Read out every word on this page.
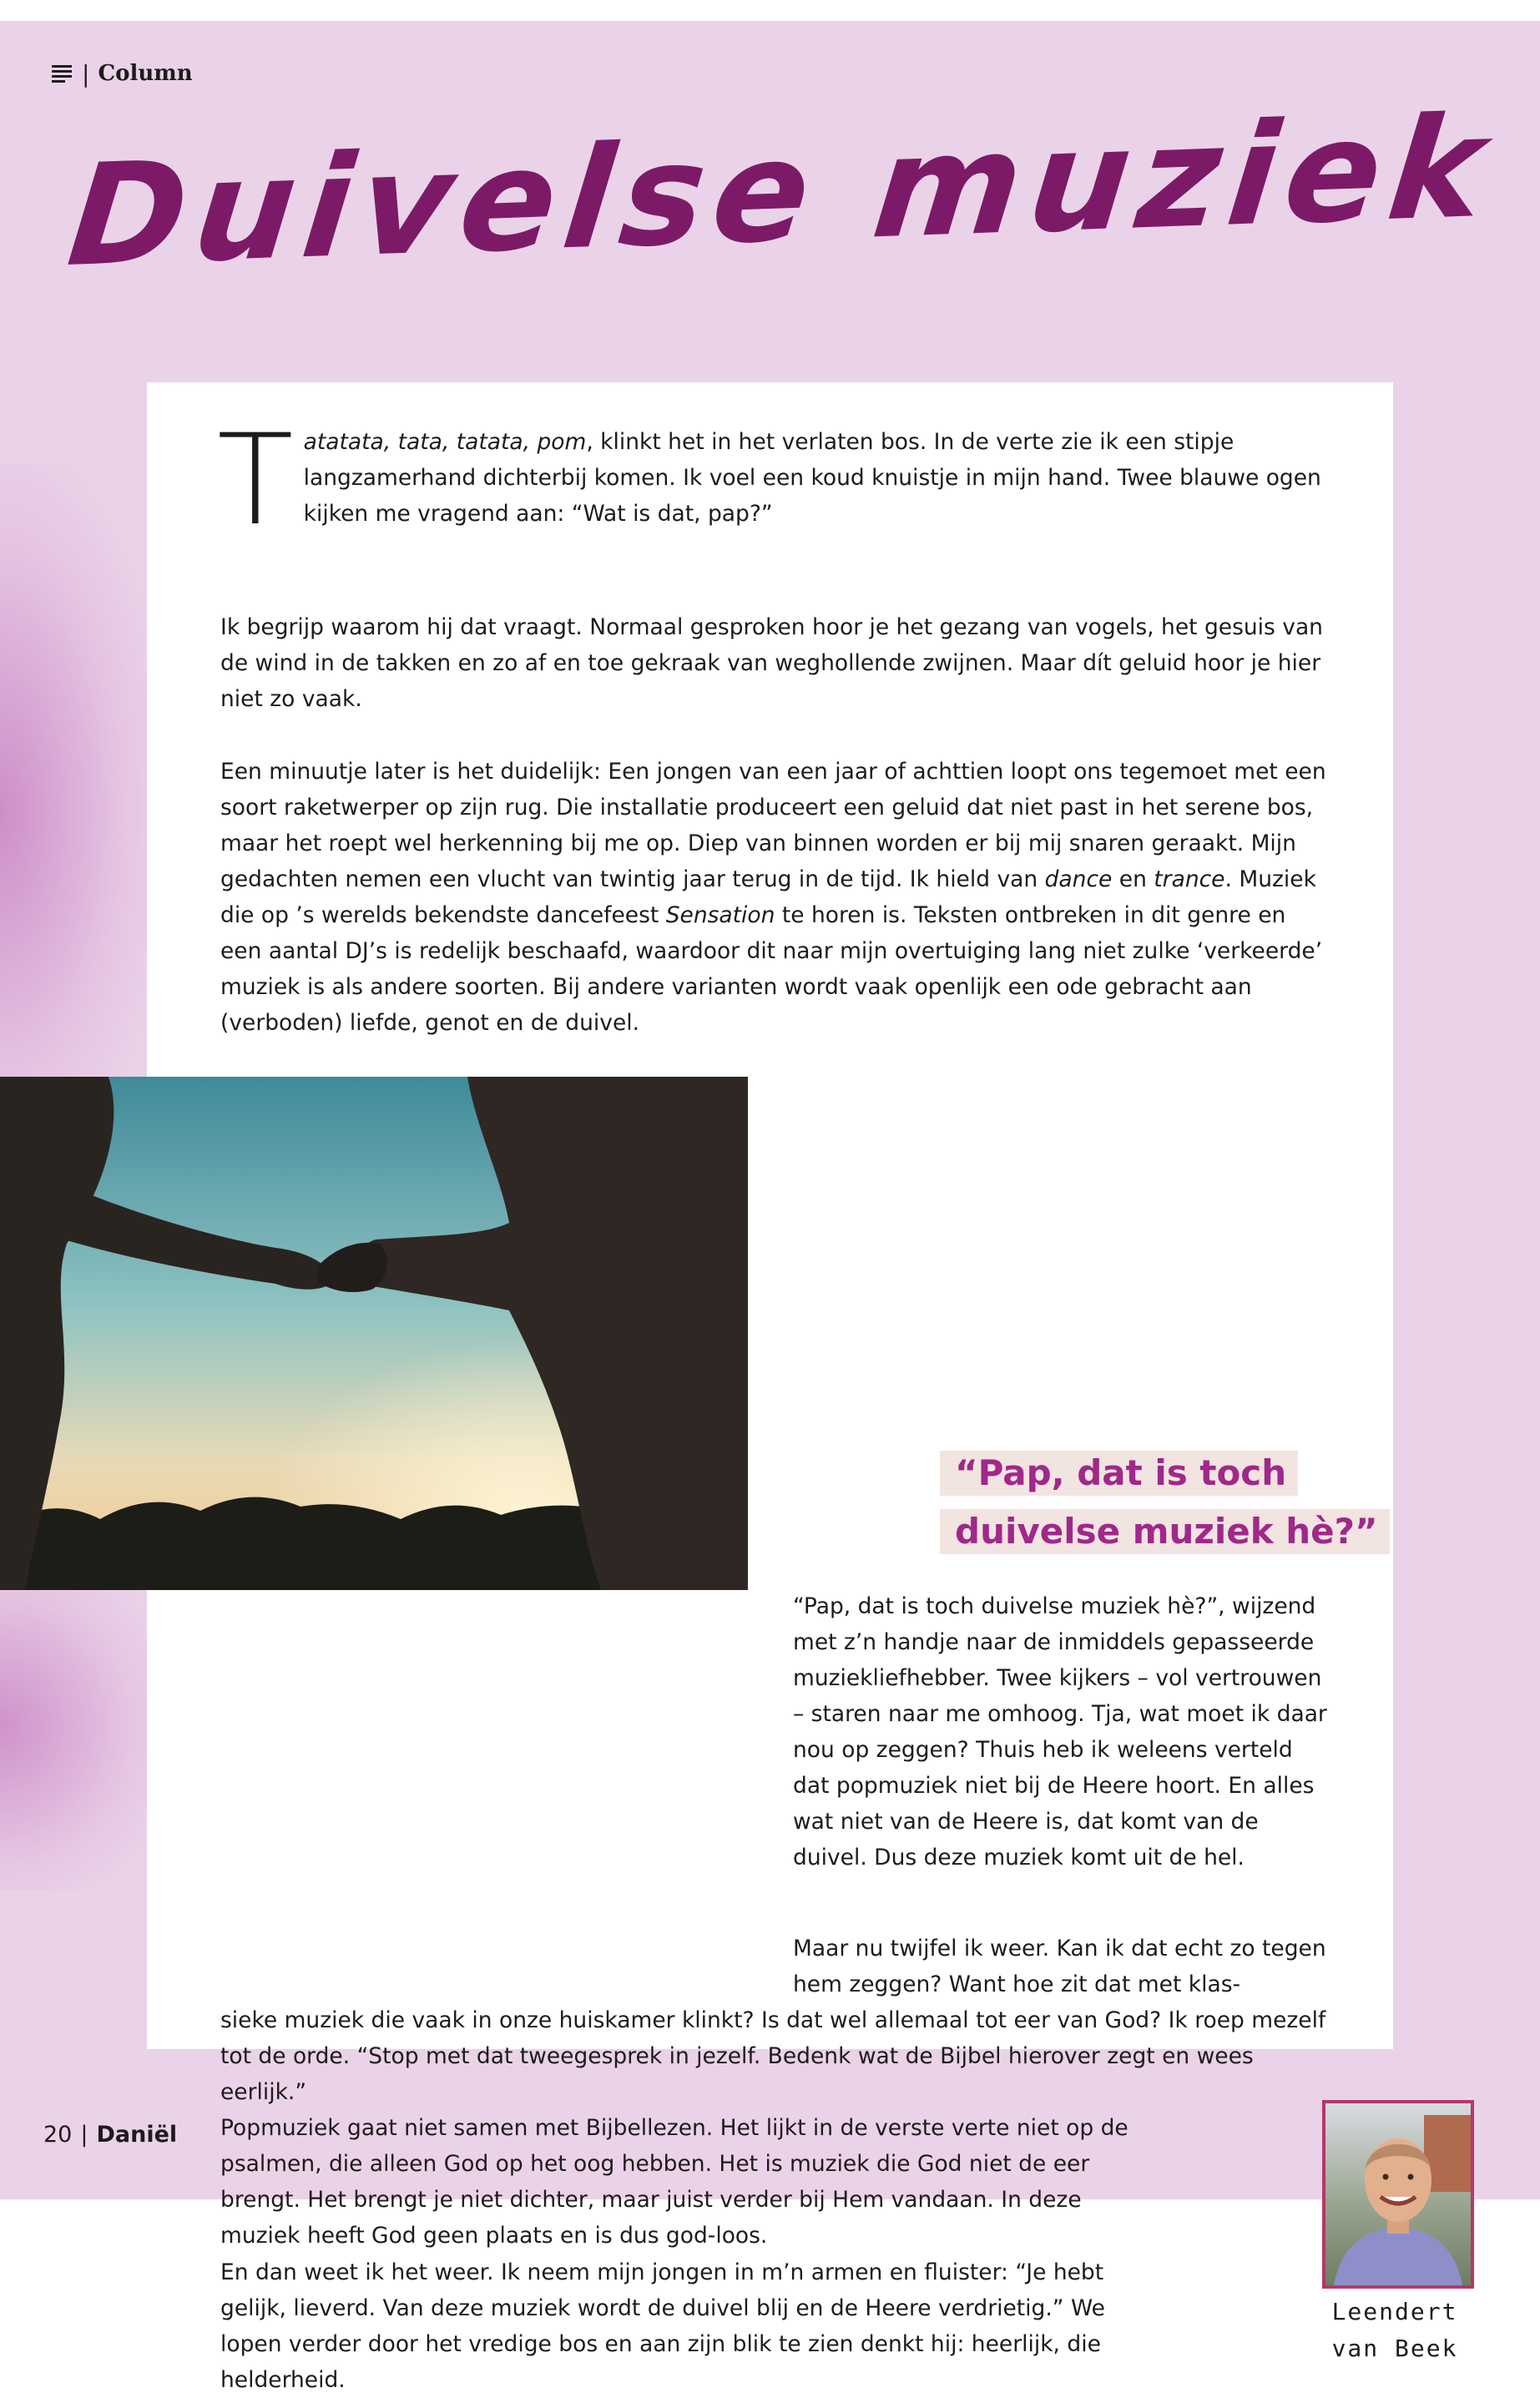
| Column
Duivelse muziek

Tatatata, tata, tatata, pom, klinkt het in het verlaten bos. In de verte zie ik een stipje langzamerhand dichterbij komen. Ik voel een koud knuistje in mijn hand. Twee blauwe ogen kijken me vragend aan: “Wat is dat, pap?”

Ik begrijp waarom hij dat vraagt. Normaal gesproken hoor je het gezang van vogels, het gesuis van de wind in de takken en zo af en toe gekraak van weghollende zwijnen. Maar dít geluid hoor je hier niet zo vaak.

Een minuutje later is het duidelijk: Een jongen van een jaar of achttien loopt ons tegemoet met een soort raketwerper op zijn rug. Die installatie produceert een geluid dat niet past in het serene bos, maar het roept wel herkenning bij me op. Diep van binnen worden er bij mij snaren geraakt. Mijn gedachten nemen een vlucht van twintig jaar terug in de tijd. Ik hield van dance en trance. Muziek die op ’s werelds bekendste dancefeest Sensation te horen is. Teksten ontbreken in dit genre en een aantal DJ’s is redelijk beschaafd, waardoor dit naar mijn overtuiging lang niet zulke ‘verkeerde’ muziek is als andere soorten. Bij andere varianten wordt vaak openlijk een ode gebracht aan (verboden) liefde, genot en de duivel.

“Pap, dat is toch
duivelse muziek hè?”

“Pap, dat is toch duivelse muziek hè?”, wijzend met z’n handje naar de inmiddels gepasseerde muziekliefhebber. Twee kijkers – vol vertrouwen – staren naar me omhoog. Tja, wat moet ik daar nou op zeggen? Thuis heb ik weleens verteld dat popmuziek niet bij de Heere hoort. En alles wat niet van de Heere is, dat komt van de duivel. Dus deze muziek komt uit de hel.

Maar nu twijfel ik weer. Kan ik dat echt zo tegen hem zeggen? Want hoe zit dat met klas-

sieke muziek die vaak in onze huiskamer klinkt? Is dat wel allemaal tot eer van God? Ik roep mezelf tot de orde. “Stop met dat tweegesprek in jezelf. Bedenk wat de Bijbel hierover zegt en wees eerlijk.”
Popmuziek gaat niet samen met Bijbellezen. Het lijkt in de verste verte niet op de psalmen, die alleen God op het oog hebben. Het is muziek die God niet de eer brengt. Het brengt je niet dichter, maar juist verder bij Hem vandaan. In deze muziek heeft God geen plaats en is dus god-loos.

En dan weet ik het weer. Ik neem mijn jongen in m’n armen en fluister: “Je hebt gelijk, lieverd. Van deze muziek wordt de duivel blij en de Heere verdrietig.” We lopen verder door het vredige bos en aan zijn blik te zien denkt hij: heerlijk, die helderheid.

Leendert
van Beek
20 | Daniël
